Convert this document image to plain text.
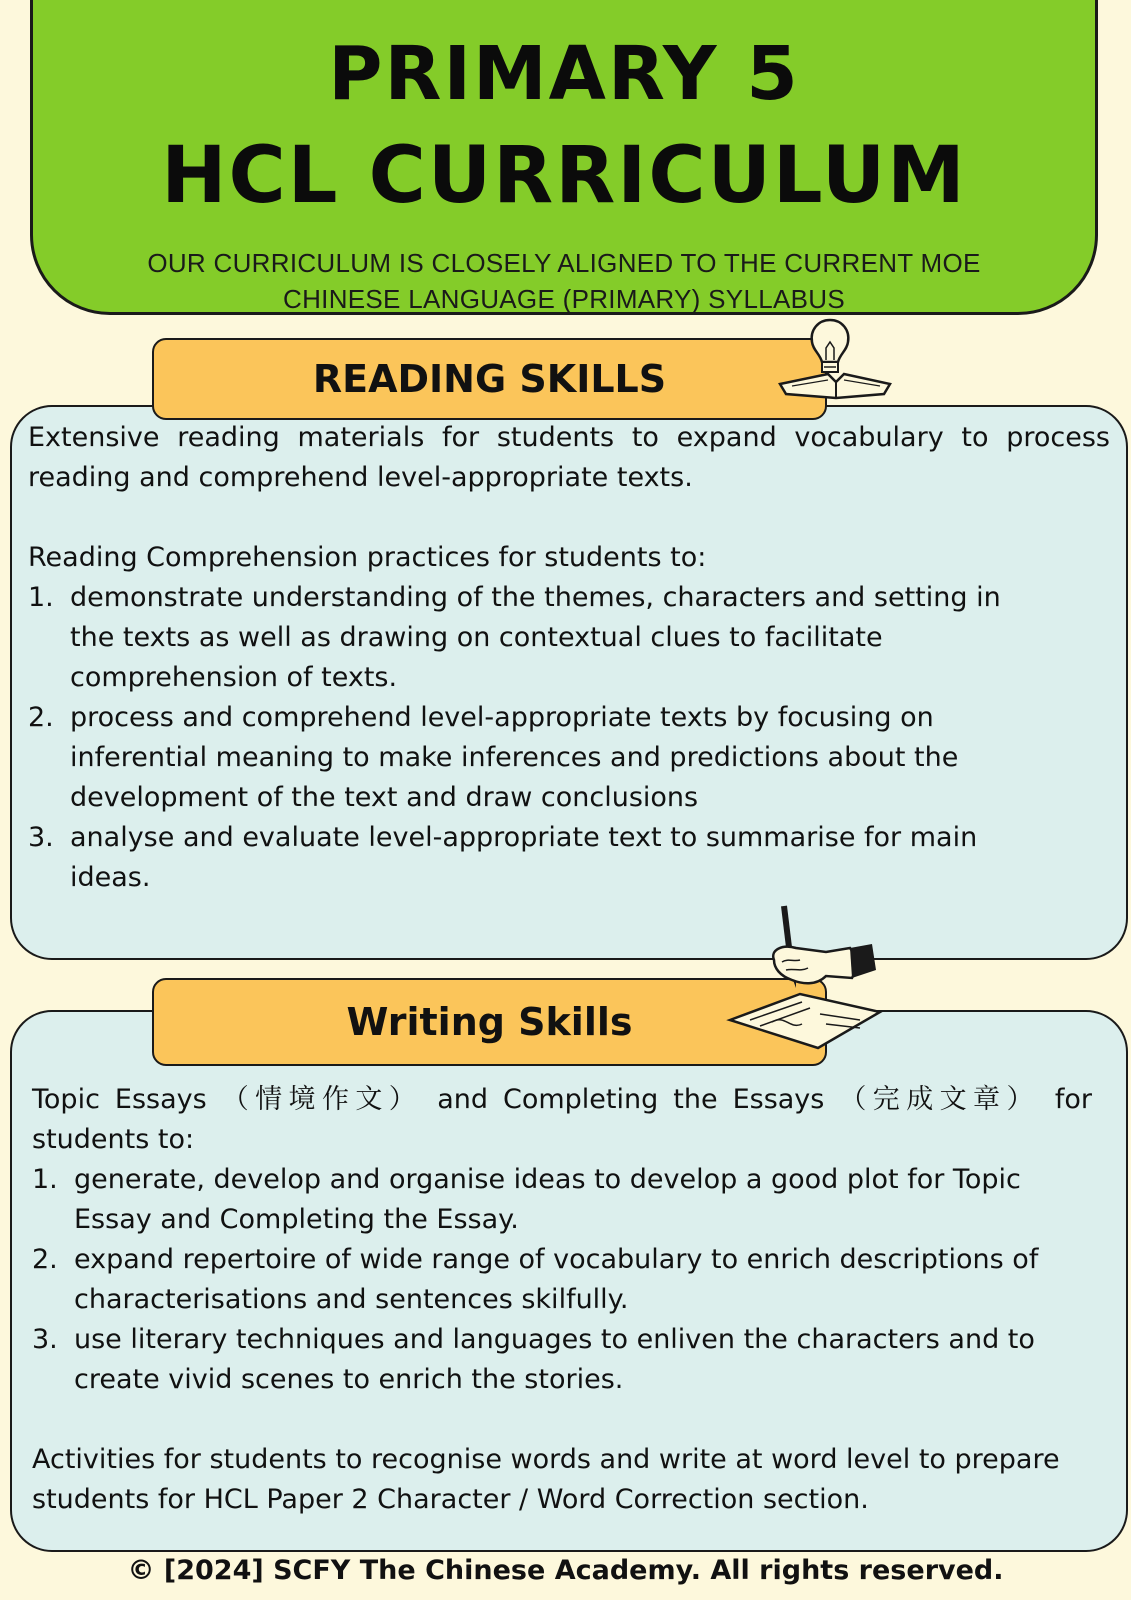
PRIMARY 5
HCL CURRICULUM
OUR CURRICULUM IS CLOSELY ALIGNED TO THE CURRENT MOE
CHINESE LANGUAGE (PRIMARY) SYLLABUS
READING SKILLS
Extensive reading materials for students to expand vocabulary to process
reading and comprehend level-appropriate texts.
Reading Comprehension practices for students to:
1. demonstrate understanding of the themes, characters and setting in
the texts as well as drawing on contextual clues to facilitate
comprehension of texts.
2. process and comprehend level-appropriate texts by focusing on
inferential meaning to make inferences and predictions about the
development of the text and draw conclusions
3. analyse and evaluate level-appropriate text to summarise for main
ideas.
Writing Skills
Topic Essays （情境作文） and Completing the Essays （完成文章） for
students to:
1. generate, develop and organise ideas to develop a good plot for Topic
Essay and Completing the Essay.
2. expand repertoire of wide range of vocabulary to enrich descriptions of
characterisations and sentences skilfully.
3. use literary techniques and languages to enliven the characters and to
create vivid scenes to enrich the stories.
Activities for students to recognise words and write at word level to prepare
students for HCL Paper 2 Character / Word Correction section.
© [2024] SCFY The Chinese Academy. All rights reserved.
